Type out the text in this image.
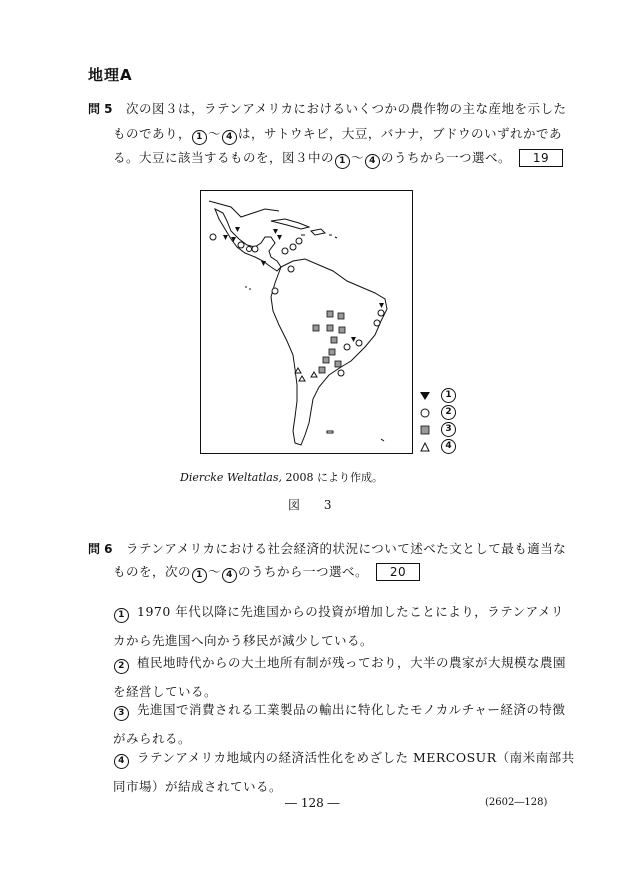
地理A
問 5 次の図３は，ラテンアメリカにおけるいくつかの農作物の主な産地を示した
ものであり， 1 ～ 4 は，サトウキビ，大豆，バナナ，ブドウのいずれかであ
る。大豆に該当するものを，図３中の 1 ～ 4 のうちから一つ選べ。 19
1
2
3
4
Diercke Weltatlas, 2008 により作成。
図 3
問 6 ラテンアメリカにおける社会経済的状況について述べた文として最も適当な
ものを，次の 1 ～ 4 のうちから一つ選べ。 20
1 1970 年代以降に先進国からの投資が増加したことにより，ラテンアメリ
カから先進国へ向かう移民が減少している。
2 植民地時代からの大土地所有制が残っており，大半の農家が大規模な農園
を経営している。
3 先進国で消費される工業製品の輸出に特化したモノカルチャー経済の特徴
がみられる。
4 ラテンアメリカ地域内の経済活性化をめざした MERCOSUR（南米南部共
同市場）が結成されている。
― 128 ―	(2602―128)
